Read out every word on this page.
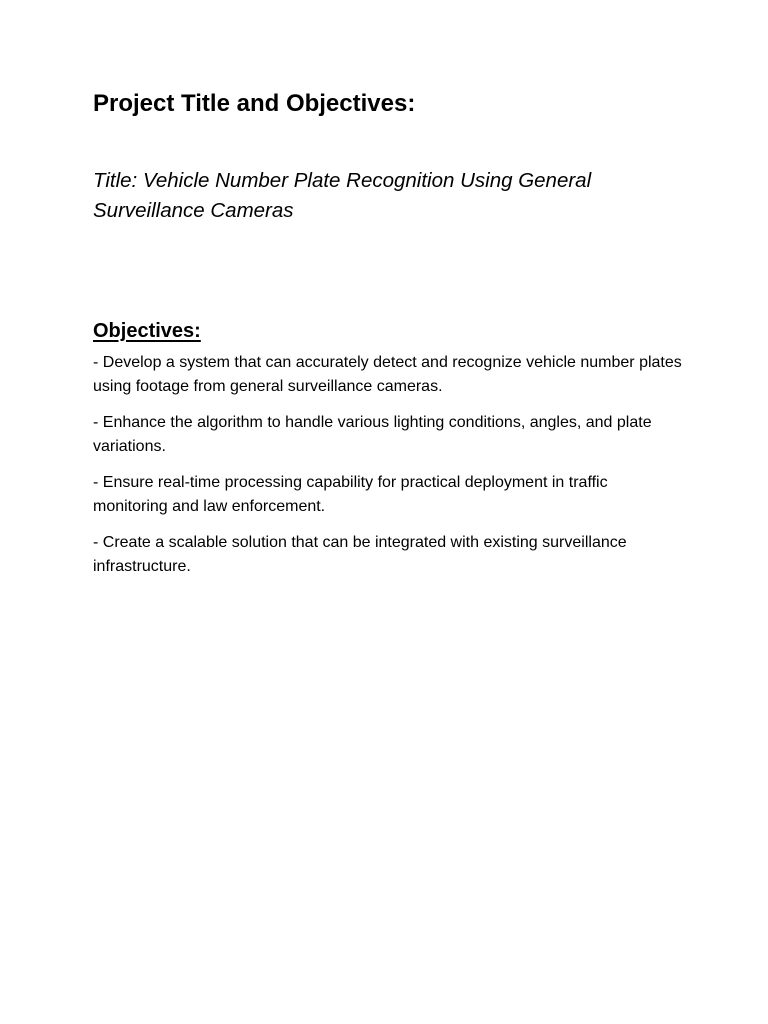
Project Title and Objectives:

Title: Vehicle Number Plate Recognition Using General Surveillance Cameras

Objectives:
- Develop a system that can accurately detect and recognize vehicle number plates using footage from general surveillance cameras.
- Enhance the algorithm to handle various lighting conditions, angles, and plate variations.
- Ensure real-time processing capability for practical deployment in traffic monitoring and law enforcement.
- Create a scalable solution that can be integrated with existing surveillance infrastructure.
